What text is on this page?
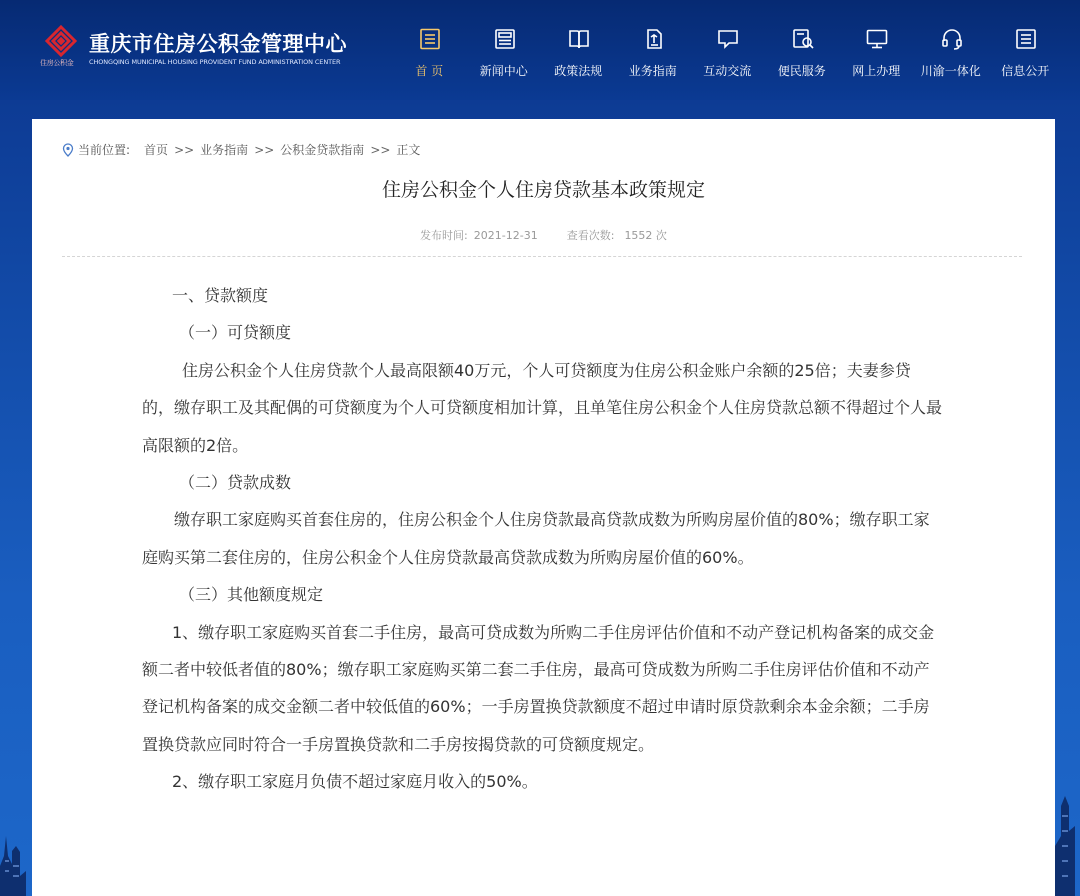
住房公积金
重庆市住房公积金管理中心
CHONGQING MUNICIPAL HOUSING PROVIDENT FUND ADMINISTRATION CENTER
首 页	新闻中心	政策法规	业务指南	互动交流	便民服务	网上办理	川渝一体化	信息公开
当前位置: 首页 >> 业务指南 >> 公积金贷款指南 >> 正文
住房公积金个人住房贷款基本政策规定
发布时间: 2021-12-31	查看次数: 1552 次

一、贷款额度

（一）可贷额度

住房公积金个人住房贷款个人最高限额40万元，个人可贷额度为住房公积金账户余额的25倍；夫妻参贷的，缴存职工及其配偶的可贷额度为个人可贷额度相加计算，且单笔住房公积金个人住房贷款总额不得超过个人最高限额的2倍。

（二）贷款成数

缴存职工家庭购买首套住房的，住房公积金个人住房贷款最高贷款成数为所购房屋价值的80%；缴存职工家庭购买第二套住房的，住房公积金个人住房贷款最高贷款成数为所购房屋价值的60%。

（三）其他额度规定

1、缴存职工家庭购买首套二手住房，最高可贷成数为所购二手住房评估价值和不动产登记机构备案的成交金额二者中较低者值的80%；缴存职工家庭购买第二套二手住房，最高可贷成数为所购二手住房评估价值和不动产登记机构备案的成交金额二者中较低值的60%；一手房置换贷款额度不超过申请时原贷款剩余本金余额；二手房置换贷款应同时符合一手房置换贷款和二手房按揭贷款的可贷额度规定。

2、缴存职工家庭月负债不超过家庭月收入的50%。
